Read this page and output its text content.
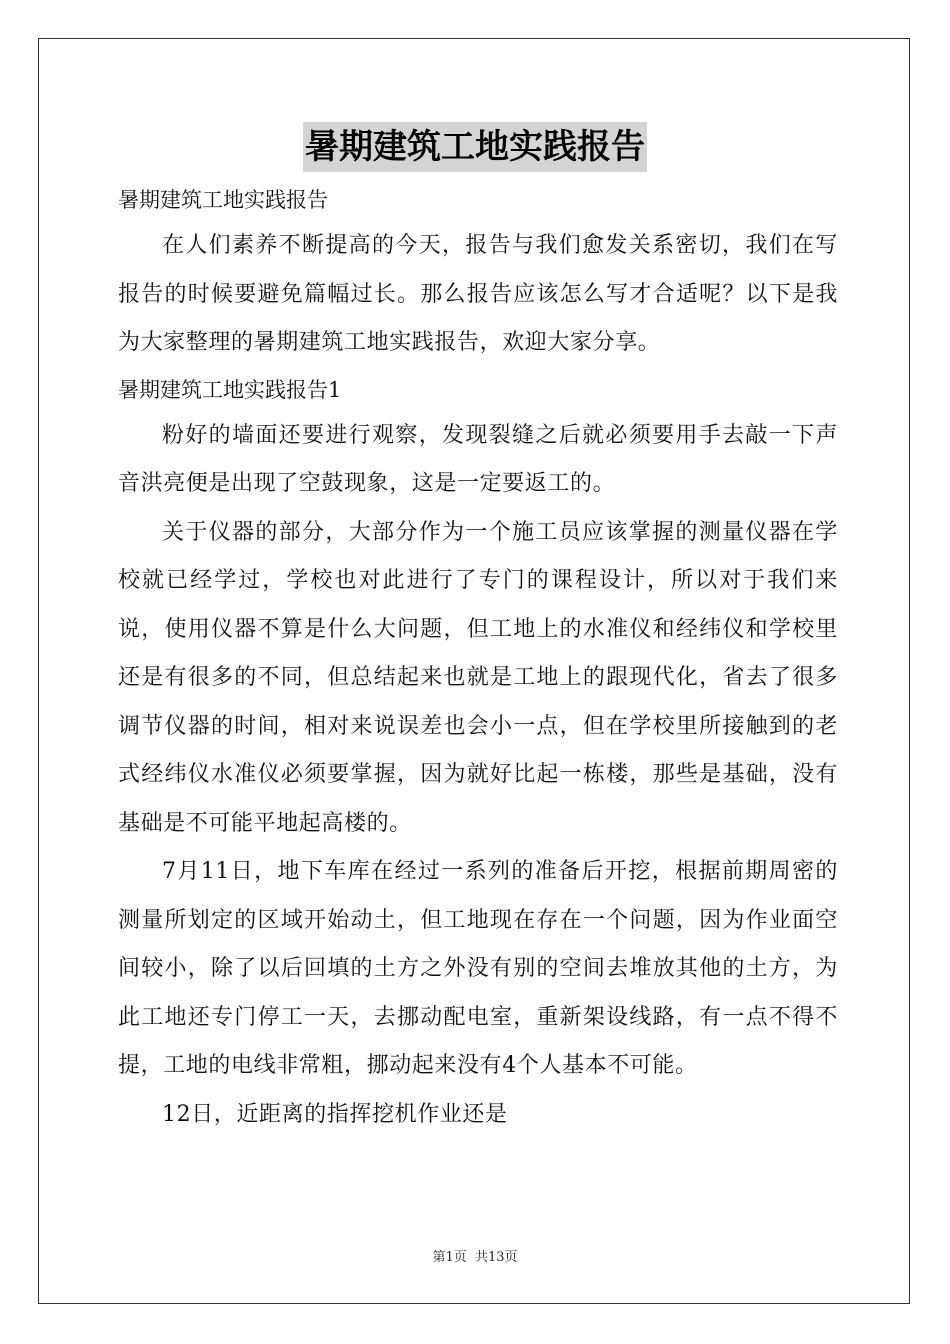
暑期建筑工地实践报告

暑期建筑工地实践报告

在人们素养不断提高的今天，报告与我们愈发关系密切，我们在写报告的时候要避免篇幅过长。那么报告应该怎么写才合适呢？以下是我为大家整理的暑期建筑工地实践报告，欢迎大家分享。

暑期建筑工地实践报告1

粉好的墙面还要进行观察，发现裂缝之后就必须要用手去敲一下声音洪亮便是出现了空鼓现象，这是一定要返工的。

关于仪器的部分，大部分作为一个施工员应该掌握的测量仪器在学校就已经学过，学校也对此进行了专门的课程设计，所以对于我们来说，使用仪器不算是什么大问题，但工地上的水准仪和经纬仪和学校里还是有很多的不同，但总结起来也就是工地上的跟现代化，省去了很多调节仪器的时间，相对来说误差也会小一点，但在学校里所接触到的老式经纬仪水准仪必须要掌握，因为就好比起一栋楼，那些是基础，没有基础是不可能平地起高楼的。

7月11日，地下车库在经过一系列的准备后开挖，根据前期周密的测量所划定的区域开始动土，但工地现在存在一个问题，因为作业面空间较小，除了以后回填的土方之外没有别的空间去堆放其他的土方，为此工地还专门停工一天，去挪动配电室，重新架设线路，有一点不得不提，工地的电线非常粗，挪动起来没有4个人基本不可能。

12日，近距离的指挥挖机作业还是

第1页 共13页
